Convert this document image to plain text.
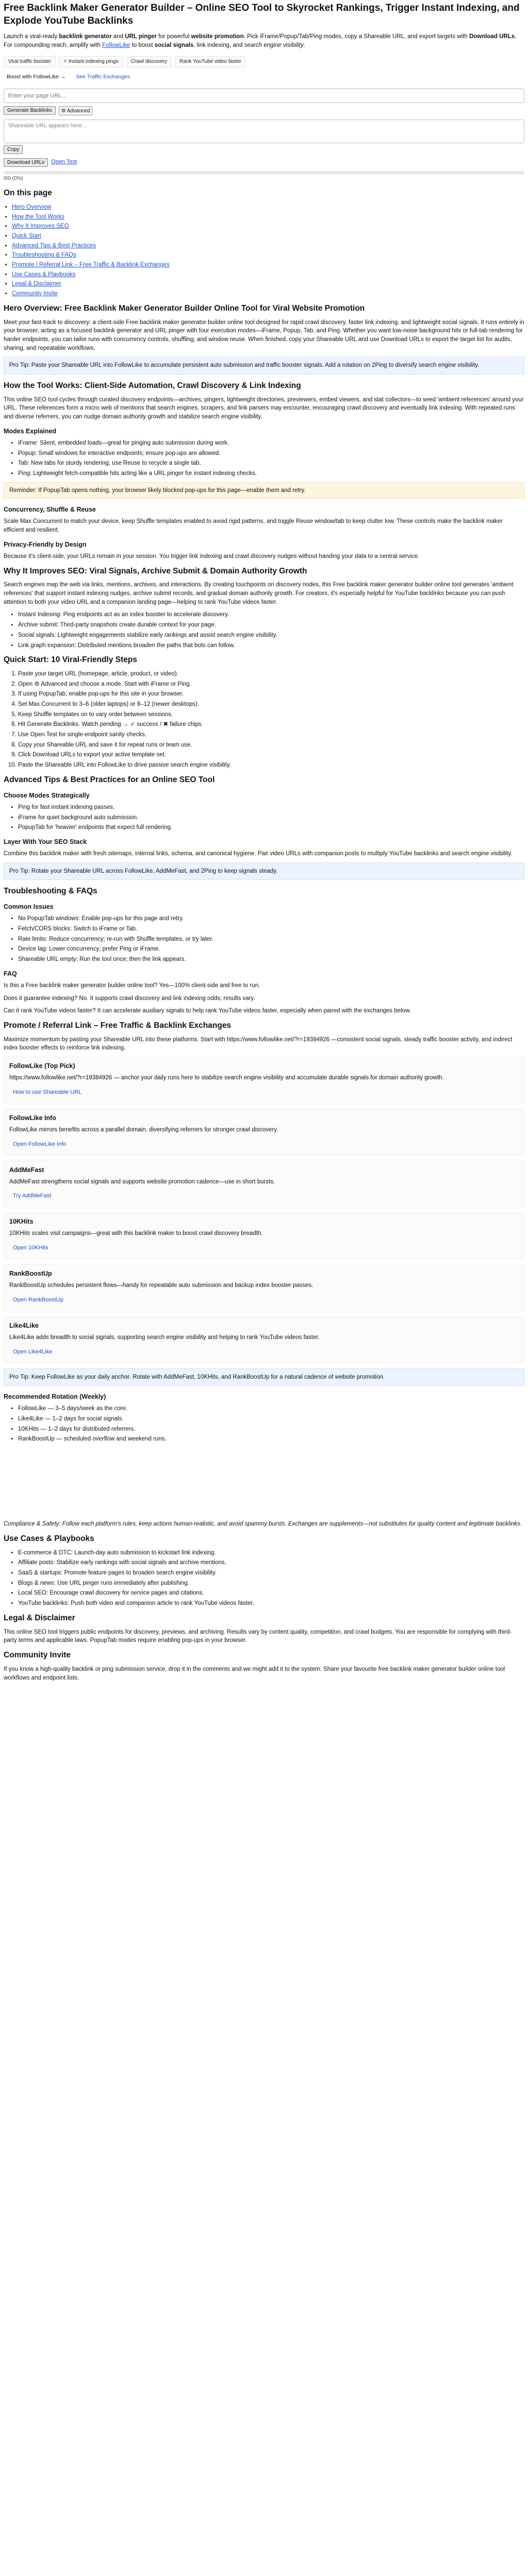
Free Backlink Maker Generator Builder – Online SEO Tool to Skyrocket Rankings, Trigger Instant Indexing, and Explode YouTube Backlinks

Launch a viral-ready backlink generator and URL pinger for powerful website promotion. Pick iFrame/Popup/Tab/Ping modes, copy a Shareable URL, and export targets with Download URLs. For compounding reach, amplify with FollowLike to boost social signals, link indexing, and search engine visibility.

Viral traffic booster	⚡ Instant indexing pings	Crawl discovery	Rank YouTube video faster
Boost with FollowLike →	See Traffic Exchanges
Enter your page URL...
Generate Backlinks	⚙ Advanced
Shareable URL appears here...
Copy
Download URLs	Open Test
0/0 (0%)
On this page
• Hero Overview
• How the Tool Works
• Why It Improves SEO
• Quick Start
• Advanced Tips & Best Practices
• Troubleshooting & FAQs
• Promote / Referral Link – Free Traffic & Backlink Exchanges
• Use Cases & Playbooks
• Legal & Disclaimer
• Community Invite
Hero Overview: Free Backlink Maker Generator Builder Online Tool for Viral Website Promotion

Meet your fast-track to discovery: a client-side Free backlink maker generator builder online tool designed for rapid crawl discovery, faster link indexing, and lightweight social signals. It runs entirely in your browser, acting as a focused backlink generator and URL pinger with four execution modes—iFrame, Popup, Tab, and Ping. Whether you want low-noise background hits or full-tab rendering for harder endpoints, you can tailor runs with concurrency controls, shuffling, and window reuse. When finished, copy your Shareable URL and use Download URLs to export the target list for audits, sharing, and repeatable workflows.

Pro Tip: Paste your Shareable URL into FollowLike to accumulate persistent auto submission and traffic booster signals. Add a rotation on 2Ping to diversify search engine visibility.
How the Tool Works: Client-Side Automation, Crawl Discovery & Link Indexing

This online SEO tool cycles through curated discovery endpoints—archives, pingers, lightweight directories, previewers, embed viewers, and stat collectors—to seed 'ambient references' around your URL. These references form a micro web of mentions that search engines, scrapers, and link parsers may encounter, encouraging crawl discovery and eventually link indexing. With repeated runs and diverse referrers, you can nudge domain authority growth and stabilize search engine visibility.

Modes Explained
• iFrame: Silent, embedded loads—great for pinging auto submission during work.
• Popup: Small windows for interactive endpoints; ensure pop-ups are allowed.
• Tab: New tabs for sturdy rendering; use Reuse to recycle a single tab.
• Ping: Lightweight fetch-compatible hits acting like a URL pinger for instant indexing checks.
Reminder: If PopupTab opens nothing, your browser likely blocked pop-ups for this page—enable them and retry.
Concurrency, Shuffle & Reuse

Scale Max Concurrent to match your device, keep Shuffle templates enabled to avoid rigid patterns, and toggle Reuse window/tab to keep clutter low. These controls make the backlink maker efficient and resilient.

Privacy-Friendly by Design

Because it's client-side, your URLs remain in your session. You trigger link indexing and crawl discovery nudges without handing your data to a central service.

Why It Improves SEO: Viral Signals, Archive Submit & Domain Authority Growth

Search engines map the web via links, mentions, archives, and interactions. By creating touchpoints on discovery nodes, this Free backlink maker generator builder online tool generates 'ambient references' that support instant indexing nudges, archive submit records, and gradual domain authority growth. For creators, it's especially helpful for YouTube backlinks because you can push attention to both your video URL and a companion landing page—helping to rank YouTube videos faster.

• Instant Indexing: Ping endpoints act as an index booster to accelerate discovery.
• Archive submit: Third-party snapshots create durable context for your page.
• Social signals: Lightweight engagements stabilize early rankings and assist search engine visibility.
• Link graph expansion: Distributed mentions broaden the paths that bots can follow.
Quick Start: 10 Viral-Friendly Steps
1. Paste your target URL (homepage, article, product, or video).
2. Open ⚙ Advanced and choose a mode. Start with iFrame or Ping.
3. If using PopupTab, enable pop-ups for this site in your browser.
4. Set Max Concurrent to 3–6 (older laptops) or 8–12 (newer desktops).
5. Keep Shuffle templates on to vary order between sessions.
6. Hit Generate Backlinks. Watch pending → ✓ success / ✖ failure chips.
7. Use Open Test for single-endpoint sanity checks.
8. Copy your Shareable URL and save it for repeat runs or team use.
9. Click Download URLs to export your active template set.
10. Paste the Shareable URL into FollowLike to drive passive search engine visibility.
Advanced Tips & Best Practices for an Online SEO Tool
Choose Modes Strategically
• Ping for fast instant indexing passes.
• iFrame for quiet background auto submission.
• PopupTab for 'heavier' endpoints that expect full rendering.
Layer With Your SEO Stack

Combine this backlink maker with fresh sitemaps, internal links, schema, and canonical hygiene. Pair video URLs with companion posts to multiply YouTube backlinks and search engine visibility.

Pro Tip: Rotate your Shareable URL across FollowLike, AddMeFast, and 2Ping to keep signals steady.
Troubleshooting & FAQs
Common Issues
• No PopupTab windows: Enable pop-ups for this page and retry.
• Fetch/CORS blocks: Switch to iFrame or Tab.
• Rate limits: Reduce concurrency; re-run with Shuffle templates, or try later.
• Device lag: Lower concurrency; prefer Ping or iFrame.
• Shareable URL empty: Run the tool once; then the link appears.
FAQ

Is this a Free backlink maker generator builder online tool? Yes—100% client-side and free to run.

Does it guarantee indexing? No. It supports crawl discovery and link indexing odds; results vary.

Can it rank YouTube videos faster? It can accelerate auxiliary signals to help rank YouTube videos faster, especially when paired with the exchanges below.

Promote / Referral Link – Free Traffic & Backlink Exchanges

Maximize momentum by pasting your Shareable URL into these platforms. Start with https://www.followlike.net/?r=19384926 —consistent social signals, steady traffic booster activity, and indirect index booster effects to reinforce link indexing.

FollowLike (Top Pick)

https://www.followlike.net/?r=19384926 — anchor your daily runs here to stabilize search engine visibility and accumulate durable signals for domain authority growth.

How to use Shareable URL
FollowLike Info

FollowLike mirrors benefits across a parallel domain, diversifying referrers for stronger crawl discovery.

Open FollowLike Info
AddMeFast

AddMeFast strengthens social signals and supports website promotion cadence—use in short bursts.

Try AddMeFast
10KHits

10KHits scales visit campaigns—great with this backlink maker to boost crawl discovery breadth.

Open 10KHits
RankBoostUp

RankBoostUp schedules persistent flows—handy for repeatable auto submission and backup index booster passes.

Open RankBoostUp
Like4Like

Like4Like adds breadth to social signals, supporting search engine visibility and helping to rank YouTube videos faster.

Open Like4Like
Pro Tip: Keep FollowLike as your daily anchor. Rotate with AddMeFast, 10KHits, and RankBoostUp for a natural cadence of website promotion.
Recommended Rotation (Weekly)
• FollowLike — 3–5 days/week as the core.
• Like4Like — 1–2 days for social signals.
• 10KHits — 1–2 days for distributed referrers.
• RankBoostUp — scheduled overflow and weekend runs.

Compliance & Safety: Follow each platform's rules, keep actions human-realistic, and avoid spammy bursts. Exchanges are supplements—not substitutes for quality content and legitimate backlinks.

Use Cases & Playbooks
• E-commerce & DTC: Launch-day auto submission to kickstart link indexing.
• Affiliate posts: Stabilize early rankings with social signals and archive mentions.
• SaaS & startups: Promote feature pages to broaden search engine visibility.
• Blogs & news: Use URL pinger runs immediately after publishing.
• Local SEO: Encourage crawl discovery for service pages and citations.
• YouTube backlinks: Push both video and companion article to rank YouTube videos faster.
Legal & Disclaimer

This online SEO tool triggers public endpoints for discovery, previews, and archiving. Results vary by content quality, competition, and crawl budgets. You are responsible for complying with third-party terms and applicable laws. PopupTab modes require enabling pop-ups in your browser.

Community Invite

If you know a high-quality backlink or ping submission service, drop it in the comments and we might add it to the system. Share your favourite free backlink maker generator builder online tool workflows and endpoint lists.
